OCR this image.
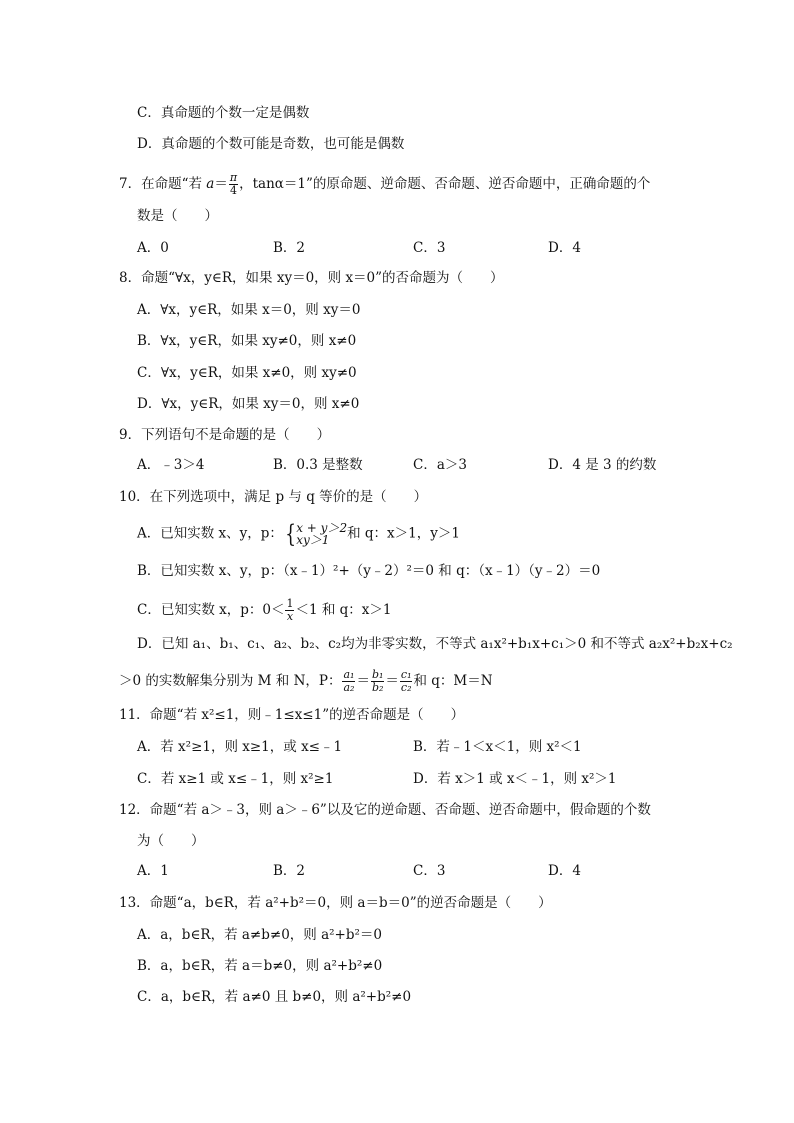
C．真命题的个数一定是偶数
D．真命题的个数可能是奇数，也可能是偶数
7．在命题“若 $a= \frac{\pi}{4}$ ，tanα＝1”的原命题、逆命题、否命题、逆否命题中，正确命题的个
数是（　　）
A．0	B．2	C．3	D．4
8．命题“∀x，y∈R，如果 xy＝0，则 x＝0”的否命题为（　　）
A．∀x，y∈R，如果 x＝0，则 xy＝0
B．∀x，y∈R，如果 xy≠0，则 x≠0
C．∀x，y∈R，如果 x≠0，则 xy≠0
D．∀x，y∈R，如果 xy＝0，则 x≠0
9．下列语句不是命题的是（　　）
A．﹣3＞4	B．0.3 是整数	C．a＞3	D．4 是 3 的约数
10．在下列选项中，满足 p 与 q 等价的是（　　）
A．已知实数 x、y，p：{ x + y＞2
xy＞1	和 q：x＞1，y＞1
B．已知实数 x、y，p：（x﹣1）²+（y﹣2）²＝0 和 q：（x﹣1）（y﹣2）＝0
C．已知实数 x，p：$0< \frac{1}{x} <1$ 和 q：x＞1
D．已知 a₁、b₁、c₁、a₂、b₂、c₂均为非零实数，不等式 a₁x²+b₁x+c₁＞0 和不等式 a₂x²+b₂x+c₂
＞0 的实数解集分别为 M 和 N，P： $\frac{\text{a₁}}{\text{a₂}} = \frac{\text{b₁}}{\text{b₂}} = \frac{\text{c₁}}{\text{c₂}}$ 和 q：M＝N
11．命题“若 x²≤1，则﹣1≤x≤1”的逆否命题是（　　）
A．若 x²≥1，则 x≥1，或 x≤﹣1	B．若﹣1＜x＜1，则 x²＜1
C．若 x≥1 或 x≤﹣1，则 x²≥1	D．若 x＞1 或 x＜﹣1，则 x²＞1
12．命题“若 a＞﹣3，则 a＞﹣6”以及它的逆命题、否命题、逆否命题中，假命题的个数
为（　　）
A．1	B．2	C．3	D．4
13．命题“a，b∈R，若 a²+b²＝0，则 a＝b＝0”的逆否命题是（　　）
A．a，b∈R，若 a≠b≠0，则 a²+b²＝0
B．a，b∈R，若 a＝b≠0，则 a²+b²≠0
C．a，b∈R，若 a≠0 且 b≠0，则 a²+b²≠0
